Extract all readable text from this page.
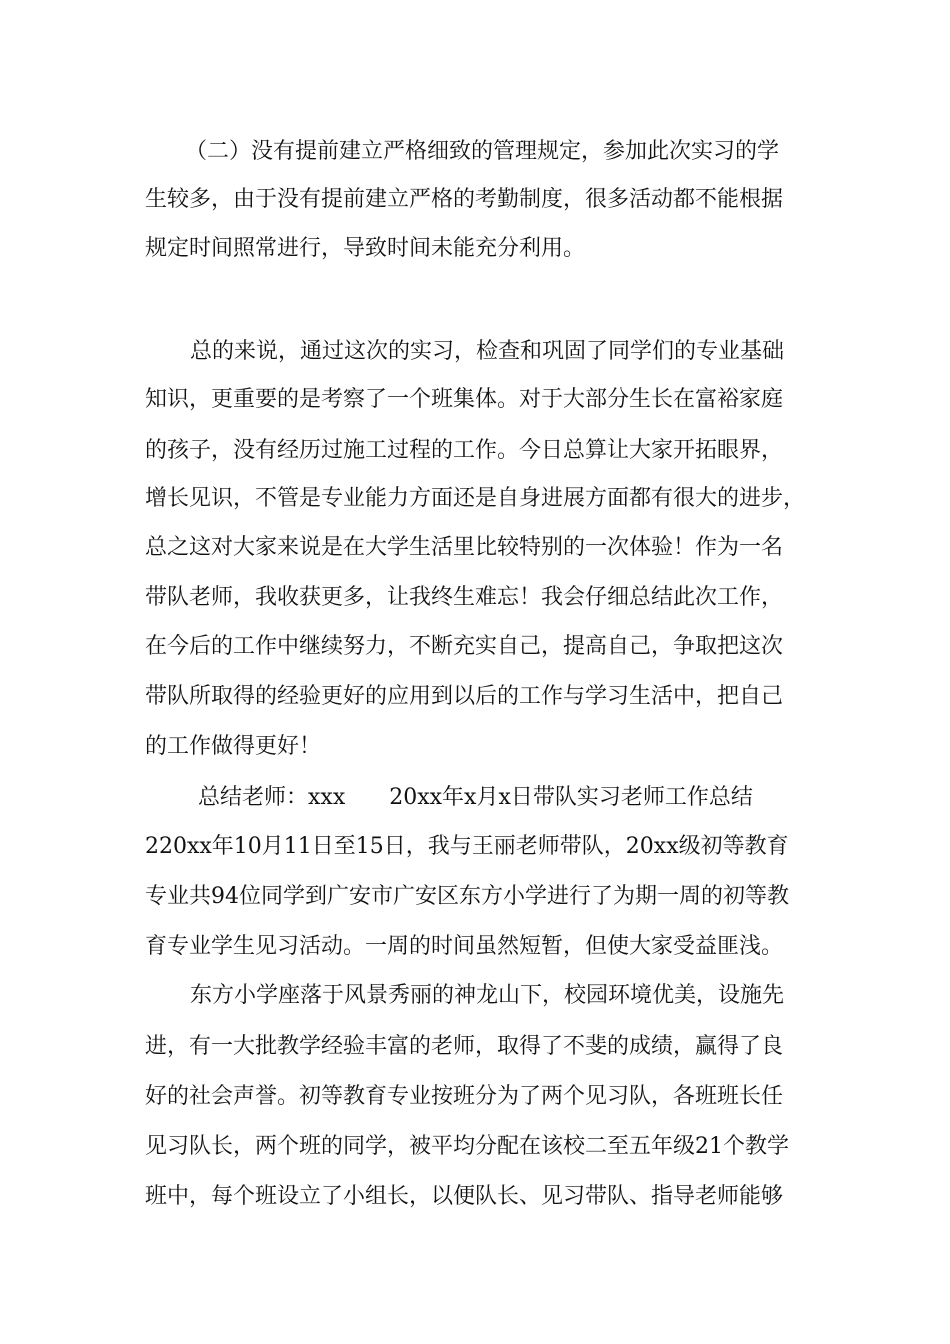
（二）没有提前建立严格细致的管理规定，参加此次实习的学
生较多，由于没有提前建立严格的考勤制度，很多活动都不能根据
规定时间照常进行，导致时间未能充分利用。
总的来说，通过这次的实习，检查和巩固了同学们的专业基础
知识，更重要的是考察了一个班集体。对于大部分生长在富裕家庭
的孩子，没有经历过施工过程的工作。今日总算让大家开拓眼界，
增长见识，不管是专业能力方面还是自身进展方面都有很大的进步，
总之这对大家来说是在大学生活里比较特别的一次体验！作为一名
带队老师，我收获更多，让我终生难忘！我会仔细总结此次工作，
在今后的工作中继续努力，不断充实自己，提高自己，争取把这次
带队所取得的经验更好的应用到以后的工作与学习生活中，把自己
的工作做得更好！
总结老师：xxx　　20xx年x月x日带队实习老师工作总结
220xx年10月11日至15日，我与王丽老师带队，20xx级初等教育
专业共94位同学到广安市广安区东方小学进行了为期一周的初等教
育专业学生见习活动。一周的时间虽然短暂，但使大家受益匪浅。
东方小学座落于风景秀丽的神龙山下，校园环境优美，设施先
进，有一大批教学经验丰富的老师，取得了不斐的成绩，赢得了良
好的社会声誉。初等教育专业按班分为了两个见习队，各班班长任
见习队长，两个班的同学，被平均分配在该校二至五年级21个教学
班中，每个班设立了小组长，以便队长、见习带队、指导老师能够
